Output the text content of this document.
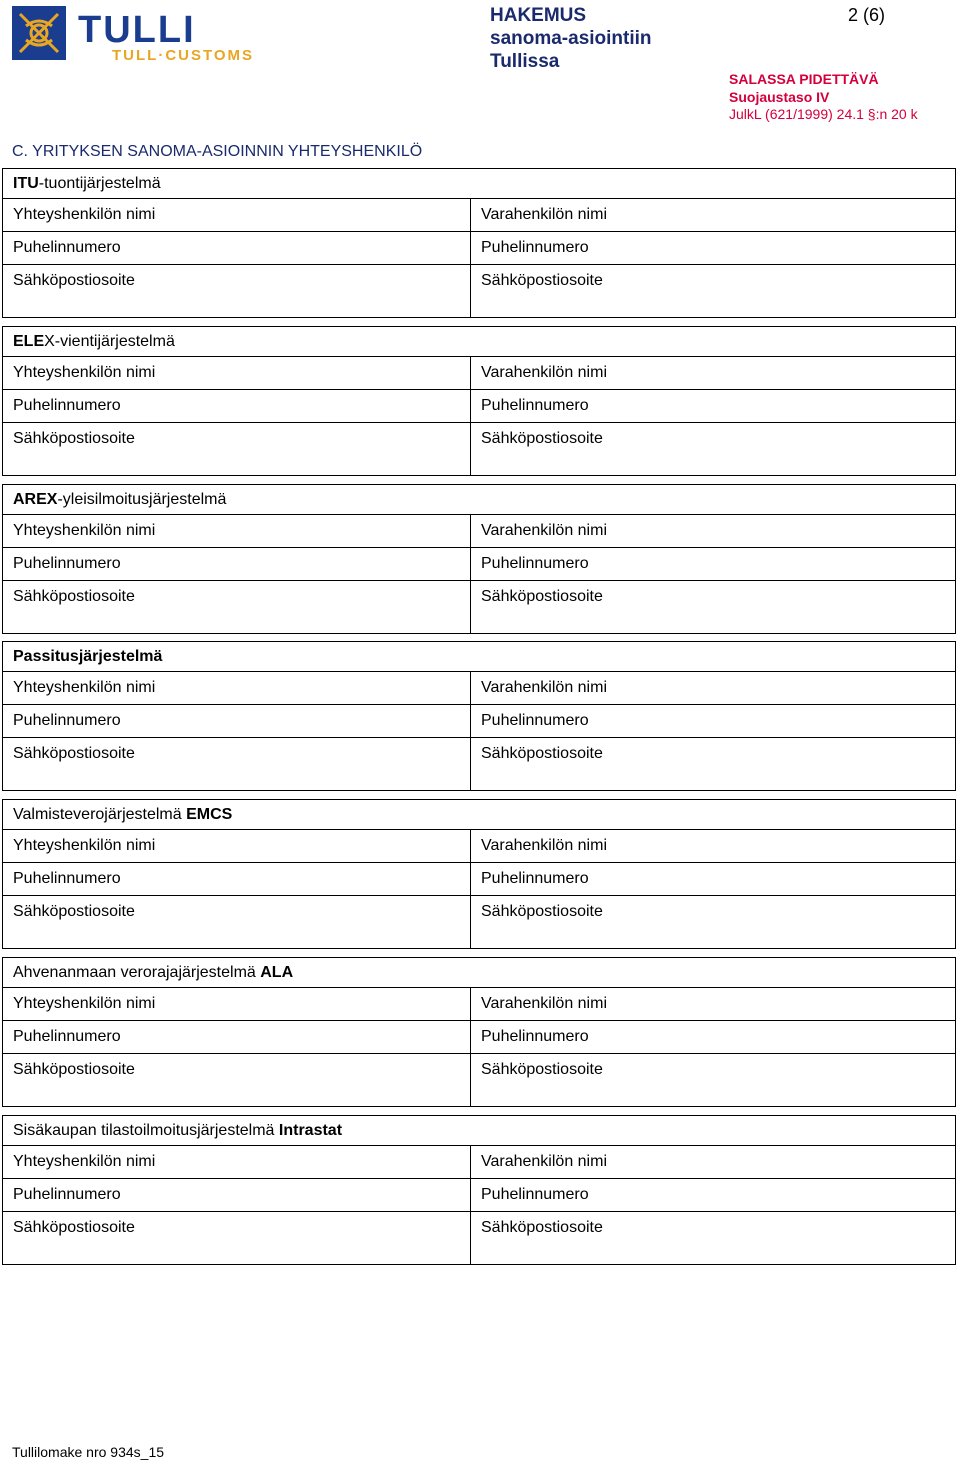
TULLI
TULL·CUSTOMS
HAKEMUS
sanoma-asiointiin
Tullissa
2 (6)
SALASSA PIDETTÄVÄ
Suojaustaso IV
JulkL (621/1999) 24.1 §:n 20 k
C. YRITYKSEN SANOMA-ASIOINNIN YHTEYSHENKILÖ
ITU-tuontijärjestelmä
Yhteyshenkilön nimi	Varahenkilön nimi
Puhelinnumero	Puhelinnumero
Sähköpostiosoite	Sähköpostiosoite
ELEX-vientijärjestelmä
Yhteyshenkilön nimi	Varahenkilön nimi
Puhelinnumero	Puhelinnumero
Sähköpostiosoite	Sähköpostiosoite
AREX-yleisilmoitusjärjestelmä
Yhteyshenkilön nimi	Varahenkilön nimi
Puhelinnumero	Puhelinnumero
Sähköpostiosoite	Sähköpostiosoite
Passitusjärjestelmä
Yhteyshenkilön nimi	Varahenkilön nimi
Puhelinnumero	Puhelinnumero
Sähköpostiosoite	Sähköpostiosoite
Valmisteverojärjestelmä EMCS
Yhteyshenkilön nimi	Varahenkilön nimi
Puhelinnumero	Puhelinnumero
Sähköpostiosoite	Sähköpostiosoite
Ahvenanmaan verorajajärjestelmä ALA
Yhteyshenkilön nimi	Varahenkilön nimi
Puhelinnumero	Puhelinnumero
Sähköpostiosoite	Sähköpostiosoite
Sisäkaupan tilastoilmoitusjärjestelmä Intrastat
Yhteyshenkilön nimi	Varahenkilön nimi
Puhelinnumero	Puhelinnumero
Sähköpostiosoite	Sähköpostiosoite
Tullilomake nro 934s_15
